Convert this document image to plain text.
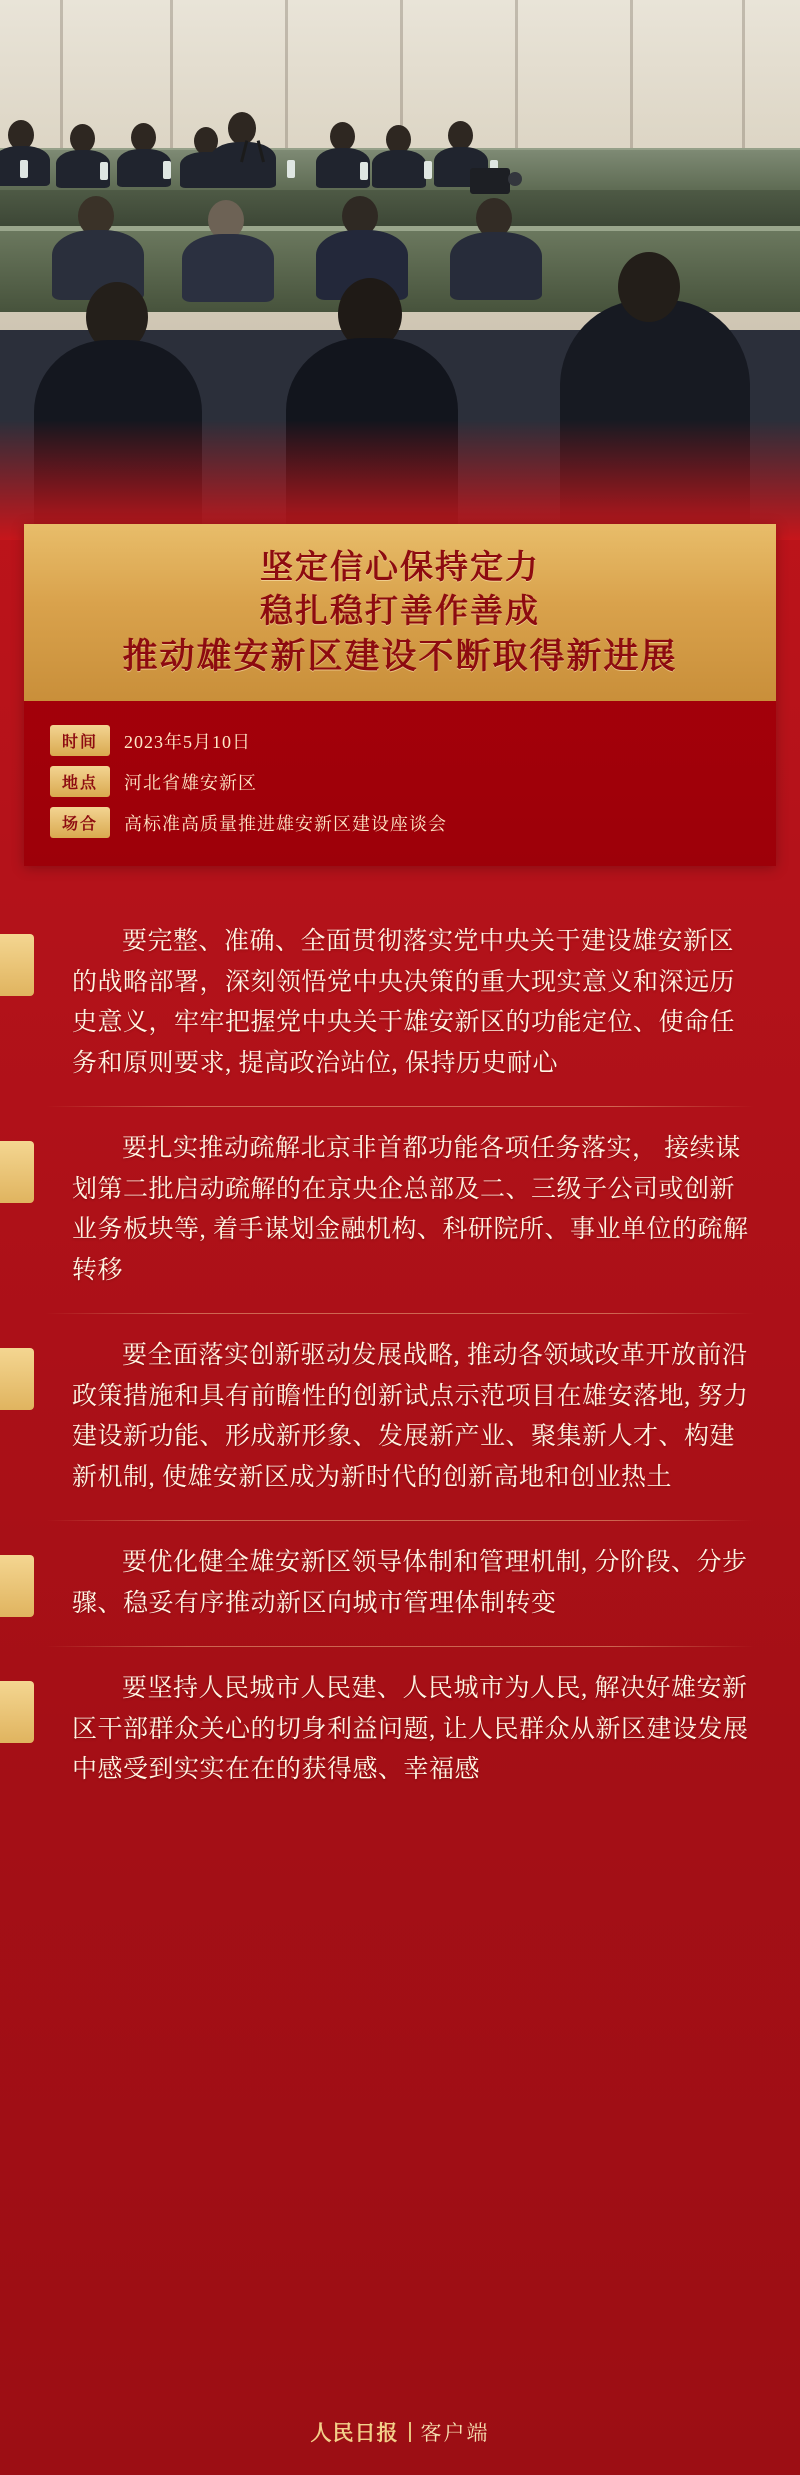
坚定信心保持定力
稳扎稳打善作善成
推动雄安新区建设不断取得新进展
时间	2023年5月10日
地点	河北省雄安新区
场合	高标准高质量推进雄安新区建设座谈会
要完整、准确、全面贯彻落实党中央关于建设雄安新区的战略部署，深刻领悟党中央决策的重大现实意义和深远历史意义，牢牢把握党中央关于雄安新区的功能定位、使命任务和原则要求, 提高政治站位, 保持历史耐心
要扎实推动疏解北京非首都功能各项任务落实， 接续谋划第二批启动疏解的在京央企总部及二、三级子公司或创新业务板块等, 着手谋划金融机构、科研院所、事业单位的疏解转移
要全面落实创新驱动发展战略, 推动各领域改革开放前沿政策措施和具有前瞻性的创新试点示范项目在雄安落地, 努力建设新功能、形成新形象、发展新产业、聚集新人才、构建新机制, 使雄安新区成为新时代的创新高地和创业热土
要优化健全雄安新区领导体制和管理机制, 分阶段、分步骤、稳妥有序推动新区向城市管理体制转变
要坚持人民城市人民建、人民城市为人民, 解决好雄安新区干部群众关心的切身利益问题, 让人民群众从新区建设发展中感受到实实在在的获得感、幸福感
人民日报 客户端
